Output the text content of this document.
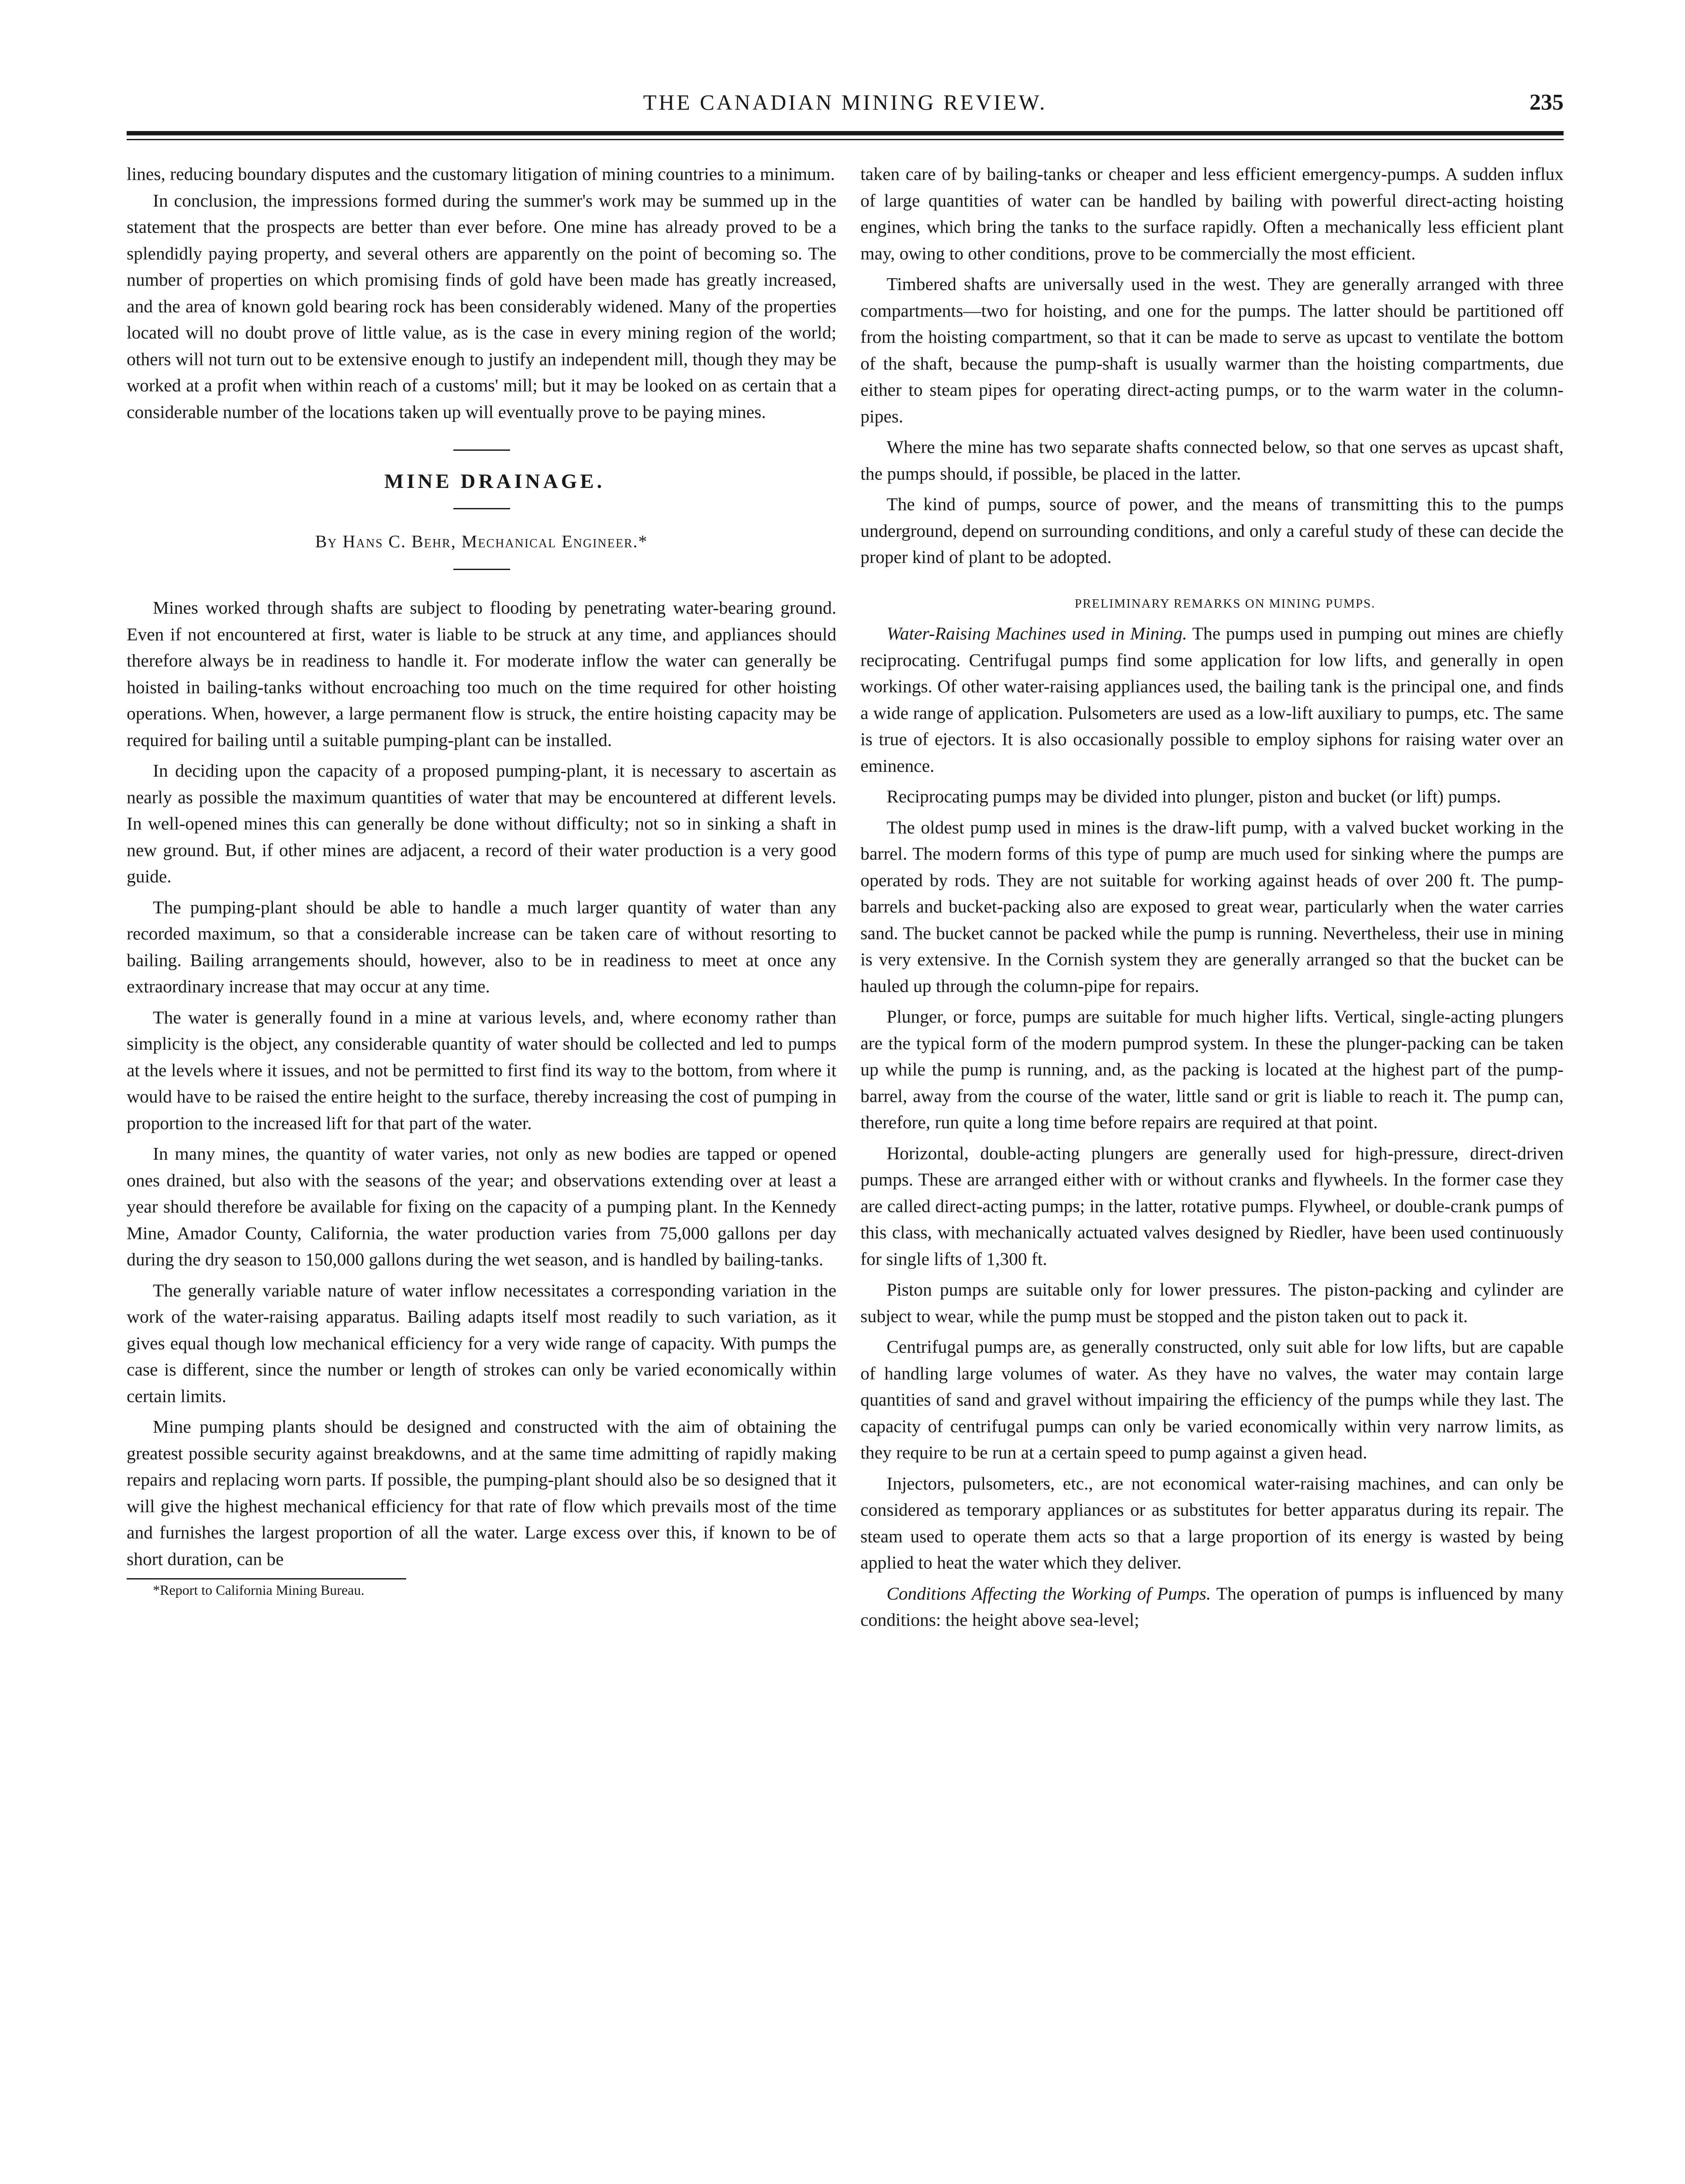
THE CANADIAN MINING REVIEW.	235

lines, reducing boundary disputes and the customary litigation of mining countries to a minimum.

In conclusion, the impressions formed during the summer's work may be summed up in the statement that the prospects are better than ever before. One mine has already proved to be a splendidly paying property, and several others are apparently on the point of becoming so. The number of properties on which promising finds of gold have been made has greatly increased, and the area of known gold bearing rock has been considerably widened. Many of the properties located will no doubt prove of little value, as is the case in every mining region of the world; others will not turn out to be extensive enough to justify an independent mill, though they may be worked at a profit when within reach of a customs' mill; but it may be looked on as certain that a considerable number of the locations taken up will eventually prove to be paying mines.

MINE DRAINAGE.

By Hans C. Behr, Mechanical Engineer.*

Mines worked through shafts are subject to flooding by penetrating water-bearing ground. Even if not encountered at first, water is liable to be struck at any time, and appliances should therefore always be in readiness to handle it. For moderate inflow the water can generally be hoisted in bailing-tanks without encroaching too much on the time required for other hoisting operations. When, however, a large permanent flow is struck, the entire hoisting capacity may be required for bailing until a suitable pumping-plant can be installed.

In deciding upon the capacity of a proposed pumping-plant, it is necessary to ascertain as nearly as possible the maximum quantities of water that may be encountered at different levels. In well-opened mines this can generally be done without difficulty; not so in sinking a shaft in new ground. But, if other mines are adjacent, a record of their water production is a very good guide.

The pumping-plant should be able to handle a much larger quantity of water than any recorded maximum, so that a considerable increase can be taken care of without resorting to bailing. Bailing arrangements should, however, also to be in readiness to meet at once any extraordinary increase that may occur at any time.

The water is generally found in a mine at various levels, and, where economy rather than simplicity is the object, any considerable quantity of water should be collected and led to pumps at the levels where it issues, and not be permitted to first find its way to the bottom, from where it would have to be raised the entire height to the surface, thereby increasing the cost of pumping in proportion to the increased lift for that part of the water.

In many mines, the quantity of water varies, not only as new bodies are tapped or opened ones drained, but also with the seasons of the year; and observations extending over at least a year should therefore be available for fixing on the capacity of a pumping plant. In the Kennedy Mine, Amador County, California, the water production varies from 75,000 gallons per day during the dry season to 150,000 gallons during the wet season, and is handled by bailing-tanks.

The generally variable nature of water inflow necessitates a corresponding variation in the work of the water-raising apparatus. Bailing adapts itself most readily to such variation, as it gives equal though low mechanical efficiency for a very wide range of capacity. With pumps the case is different, since the number or length of strokes can only be varied economically within certain limits.

Mine pumping plants should be designed and constructed with the aim of obtaining the greatest possible security against breakdowns, and at the same time admitting of rapidly making repairs and replacing worn parts. If possible, the pumping-plant should also be so designed that it will give the highest mechanical efficiency for that rate of flow which prevails most of the time and furnishes the largest proportion of all the water. Large excess over this, if known to be of short duration, can be

*Report to California Mining Bureau.

taken care of by bailing-tanks or cheaper and less efficient emergency-pumps. A sudden influx of large quantities of water can be handled by bailing with powerful direct-acting hoisting engines, which bring the tanks to the surface rapidly. Often a mechanically less efficient plant may, owing to other conditions, prove to be commercially the most efficient.

Timbered shafts are universally used in the west. They are generally arranged with three compartments—two for hoisting, and one for the pumps. The latter should be partitioned off from the hoisting compartment, so that it can be made to serve as upcast to ventilate the bottom of the shaft, because the pump-shaft is usually warmer than the hoisting compartments, due either to steam pipes for operating direct-acting pumps, or to the warm water in the column-pipes.

Where the mine has two separate shafts connected below, so that one serves as upcast shaft, the pumps should, if possible, be placed in the latter.

The kind of pumps, source of power, and the means of transmitting this to the pumps underground, depend on surrounding conditions, and only a careful study of these can decide the proper kind of plant to be adopted.

PRELIMINARY REMARKS ON MINING PUMPS.

Water-Raising Machines used in Mining. The pumps used in pumping out mines are chiefly reciprocating. Centrifugal pumps find some application for low lifts, and generally in open workings. Of other water-raising appliances used, the bailing tank is the principal one, and finds a wide range of application. Pulsometers are used as a low-lift auxiliary to pumps, etc. The same is true of ejectors. It is also occasionally possible to employ siphons for raising water over an eminence.

Reciprocating pumps may be divided into plunger, piston and bucket (or lift) pumps.

The oldest pump used in mines is the draw-lift pump, with a valved bucket working in the barrel. The modern forms of this type of pump are much used for sinking where the pumps are operated by rods. They are not suitable for working against heads of over 200 ft. The pump-barrels and bucket-packing also are exposed to great wear, particularly when the water carries sand. The bucket cannot be packed while the pump is running. Nevertheless, their use in mining is very extensive. In the Cornish system they are generally arranged so that the bucket can be hauled up through the column-pipe for repairs.

Plunger, or force, pumps are suitable for much higher lifts. Vertical, single-acting plungers are the typical form of the modern pumprod system. In these the plunger-packing can be taken up while the pump is running, and, as the packing is located at the highest part of the pump-barrel, away from the course of the water, little sand or grit is liable to reach it. The pump can, therefore, run quite a long time before repairs are required at that point.

Horizontal, double-acting plungers are generally used for high-pressure, direct-driven pumps. These are arranged either with or without cranks and flywheels. In the former case they are called direct-acting pumps; in the latter, rotative pumps. Flywheel, or double-crank pumps of this class, with mechanically actuated valves designed by Riedler, have been used continuously for single lifts of 1,300 ft.

Piston pumps are suitable only for lower pressures. The piston-packing and cylinder are subject to wear, while the pump must be stopped and the piston taken out to pack it.

Centrifugal pumps are, as generally constructed, only suit able for low lifts, but are capable of handling large volumes of water. As they have no valves, the water may contain large quantities of sand and gravel without impairing the efficiency of the pumps while they last. The capacity of centrifugal pumps can only be varied economically within very narrow limits, as they require to be run at a certain speed to pump against a given head.

Injectors, pulsometers, etc., are not economical water-raising machines, and can only be considered as temporary appliances or as substitutes for better apparatus during its repair. The steam used to operate them acts so that a large proportion of its energy is wasted by being applied to heat the water which they deliver.

Conditions Affecting the Working of Pumps. The operation of pumps is influenced by many conditions: the height above sea-level;
